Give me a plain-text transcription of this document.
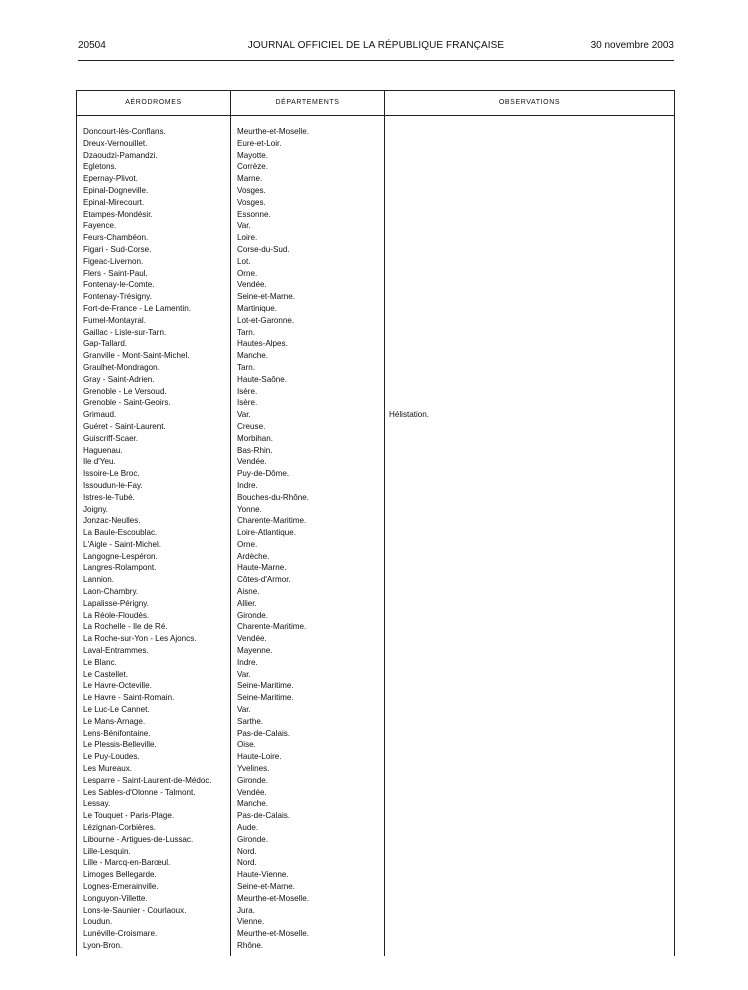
20504	JOURNAL OFFICIEL DE LA RÉPUBLIQUE FRANÇAISE	30 novembre 2003
AÉRODROMES	DÉPARTEMENTS	OBSERVATIONS
Doncourt-lès-Conflans.	Meurthe-et-Moselle.
Dreux-Vernouillet.	Eure-et-Loir.
Dzaoudzi-Pamandzi.	Mayotte.
Egletons.	Corrèze.
Epernay-Plivot.	Marne.
Epinal-Dogneville.	Vosges.
Epinal-Mirecourt.	Vosges.
Etampes-Mondésir.	Essonne.
Fayence.	Var.
Feurs-Chambéon.	Loire.
Figari - Sud-Corse.	Corse-du-Sud.
Figeac-Livernon.	Lot.
Flers - Saint-Paul.	Orne.
Fontenay-le-Comte.	Vendée.
Fontenay-Trésigny.	Seine-et-Marne.
Fort-de-France - Le Lamentin.	Martinique.
Fumel-Montayral.	Lot-et-Garonne.
Gaillac - Lisle-sur-Tarn.	Tarn.
Gap-Tallard.	Hautes-Alpes.
Granville - Mont-Saint-Michel.	Manche.
Graulhet-Mondragon.	Tarn.
Gray - Saint-Adrien.	Haute-Saône.
Grenoble - Le Versoud.	Isère.
Grenoble - Saint-Geoirs.	Isère.
Grimaud.	Var.	Hélistation.
Guéret - Saint-Laurent.	Creuse.
Guiscriff-Scaer.	Morbihan.
Haguenau.	Bas-Rhin.
Ile d'Yeu.	Vendée.
Issoire-Le Broc.	Puy-de-Dôme.
Issoudun-le-Fay.	Indre.
Istres-le-Tubé.	Bouches-du-Rhône.
Joigny.	Yonne.
Jonzac-Neulles.	Charente-Maritime.
La Baule-Escoublac.	Loire-Atlantique.
L'Aigle - Saint-Michel.	Orne.
Langogne-Lespéron.	Ardèche.
Langres-Rolampont.	Haute-Marne.
Lannion.	Côtes-d'Armor.
Laon-Chambry.	Aisne.
Lapalisse-Périgny.	Allier.
La Réole-Floudès.	Gironde.
La Rochelle - Ile de Ré.	Charente-Maritime.
La Roche-sur-Yon - Les Ajoncs.	Vendée.
Laval-Entrammes.	Mayenne.
Le Blanc.	Indre.
Le Castellet.	Var.
Le Havre-Octeville.	Seine-Maritime.
Le Havre - Saint-Romain.	Seine-Maritime.
Le Luc-Le Cannet.	Var.
Le Mans-Arnage.	Sarthe.
Lens-Bénifontaine.	Pas-de-Calais.
Le Plessis-Belleville.	Oise.
Le Puy-Loudes.	Haute-Loire.
Les Mureaux.	Yvelines.
Lesparre - Saint-Laurent-de-Médoc.	Gironde.
Les Sables-d'Olonne - Talmont.	Vendée.
Lessay.	Manche.
Le Touquet - Paris-Plage.	Pas-de-Calais.
Lézignan-Corbières.	Aude.
Libourne - Artigues-de-Lussac.	Gironde.
Lille-Lesquin.	Nord.
Lille - Marcq-en-Barœul.	Nord.
Limoges Bellegarde.	Haute-Vienne.
Lognes-Emerainville.	Seine-et-Marne.
Longuyon-Villette.	Meurthe-et-Moselle.
Lons-le-Saunier - Courlaoux.	Jura.
Loudun.	Vienne.
Lunéville-Croismare.	Meurthe-et-Moselle.
Lyon-Bron.	Rhône.
